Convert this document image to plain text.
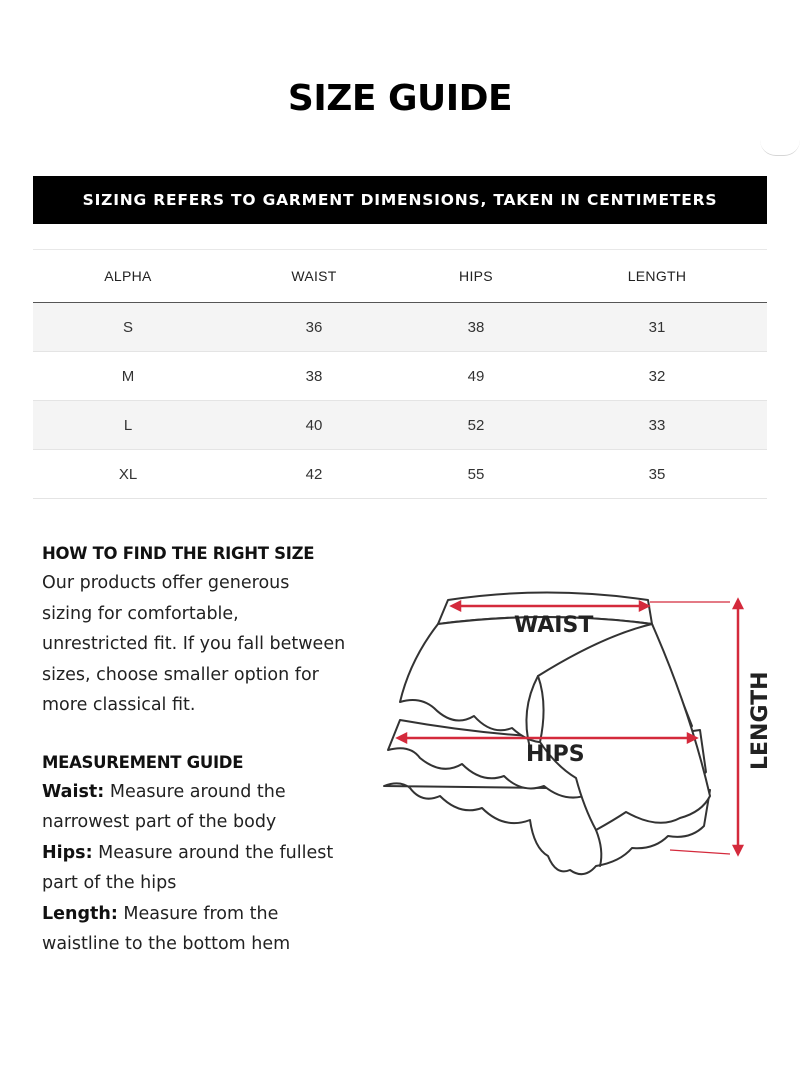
SIZE GUIDE
SIZING REFERS TO GARMENT DIMENSIONS, TAKEN IN CENTIMETERS
ALPHA	WAIST	HIPS	LENGTH
S	36	38	31
M	38	49	32
L	40	52	33
XL	42	55	35
HOW TO FIND THE RIGHT SIZE

Our products offer generous

sizing for comfortable,

unrestricted fit. If you fall between

sizes, choose smaller option for

more classical fit.

MEASUREMENT GUIDE

Waist: Measure around the

narrowest part of the body

Hips: Measure around the fullest

part of the hips

Length: Measure from the

waistline to the bottom hem

WAIST
HIPS	LENGTH
